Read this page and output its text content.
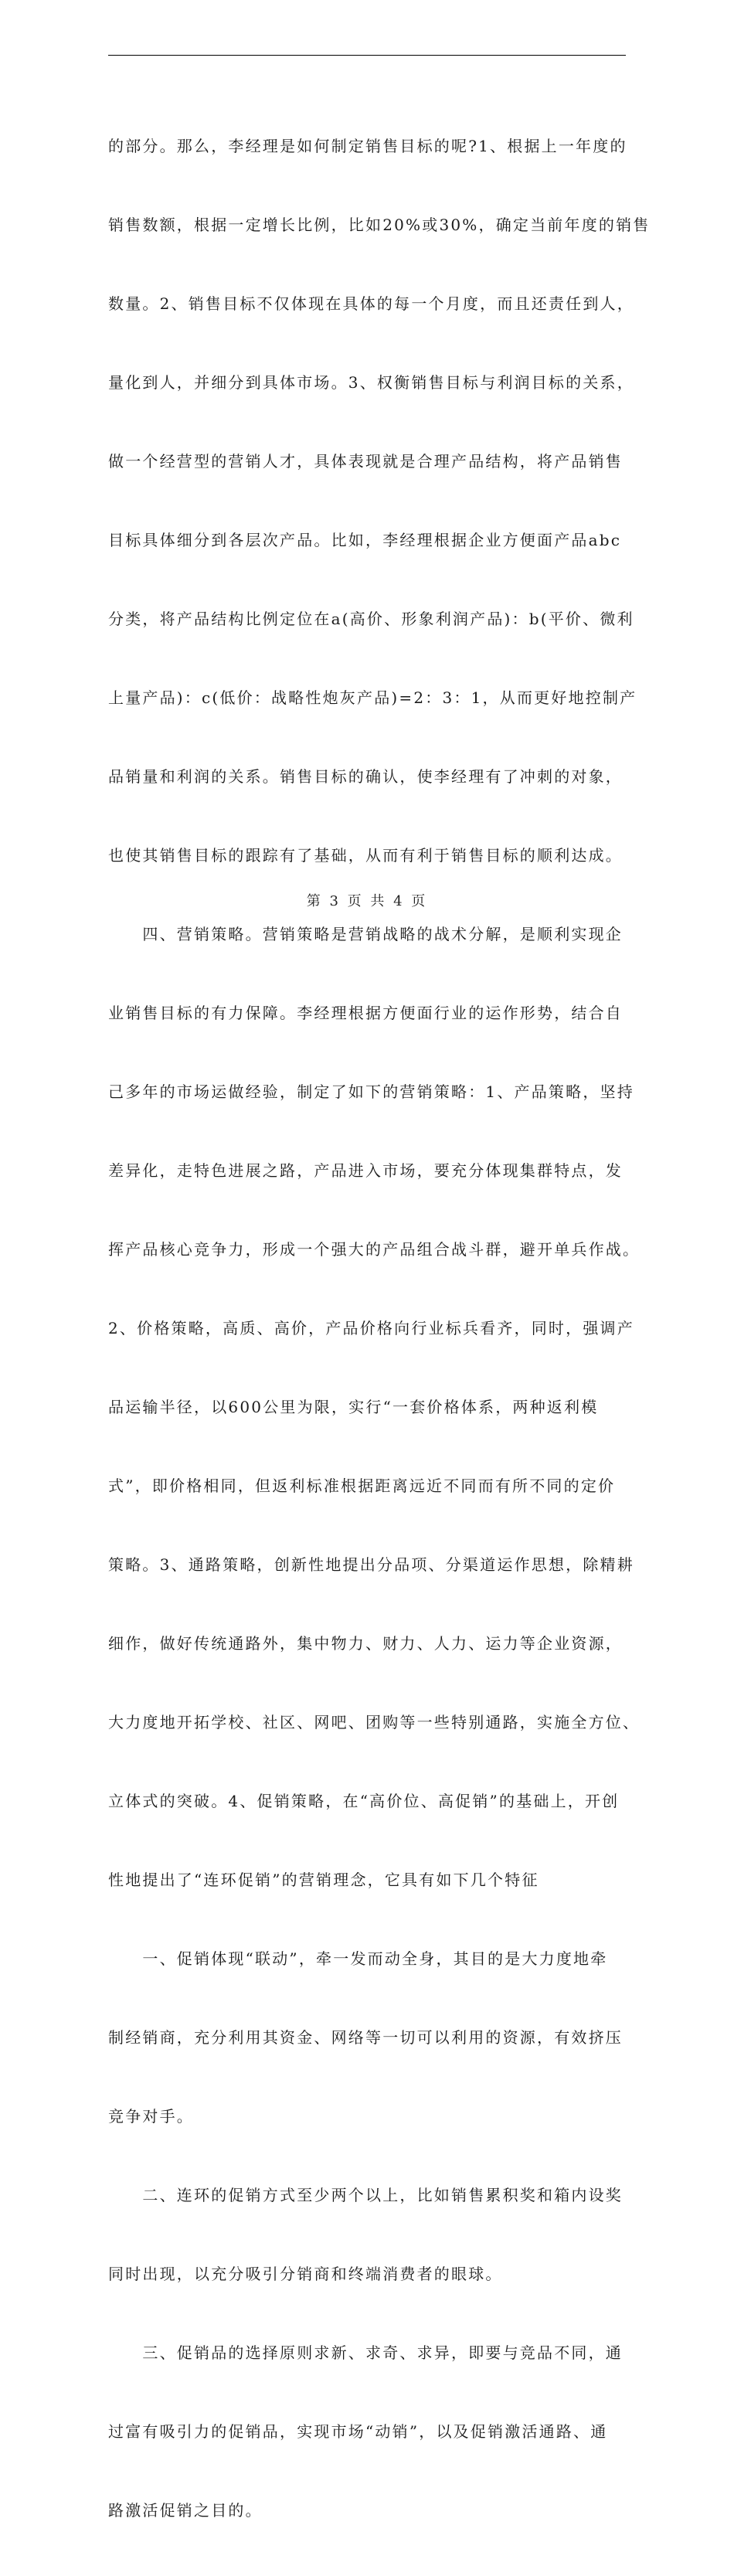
的部分。那么，李经理是如何制定销售目标的呢?1、根据上一年度的

销售数额，根据一定增长比例，比如20%或30%，确定当前年度的销售

数量。2、销售目标不仅体现在具体的每一个月度，而且还责任到人，

量化到人，并细分到具体市场。3、权衡销售目标与利润目标的关系，

做一个经营型的营销人才，具体表现就是合理产品结构，将产品销售

目标具体细分到各层次产品。比如，李经理根据企业方便面产品abc

分类，将产品结构比例定位在a(高价、形象利润产品)：b(平价、微利

上量产品)：c(低价：战略性炮灰产品)=2：3：1，从而更好地控制产

品销量和利润的关系。销售目标的确认，使李经理有了冲刺的对象，

也使其销售目标的跟踪有了基础，从而有利于销售目标的顺利达成。

　　四、营销策略。营销策略是营销战略的战术分解，是顺利实现企

业销售目标的有力保障。李经理根据方便面行业的运作形势，结合自

己多年的市场运做经验，制定了如下的营销策略：1、产品策略，坚持

差异化，走特色进展之路，产品进入市场，要充分体现集群特点，发

挥产品核心竞争力，形成一个强大的产品组合战斗群，避开单兵作战。

2、价格策略，高质、高价，产品价格向行业标兵看齐，同时，强调产

品运输半径，以600公里为限，实行“一套价格体系，两种返利模

式”，即价格相同，但返利标准根据距离远近不同而有所不同的定价

策略。3、通路策略，创新性地提出分品项、分渠道运作思想，除精耕

细作，做好传统通路外，集中物力、财力、人力、运力等企业资源，

大力度地开拓学校、社区、网吧、团购等一些特别通路，实施全方位、

立体式的突破。4、促销策略，在“高价位、高促销”的基础上，开创

性地提出了“连环促销”的营销理念，它具有如下几个特征

　　一、促销体现“联动”，牵一发而动全身，其目的是大力度地牵

制经销商，充分利用其资金、网络等一切可以利用的资源，有效挤压

竞争对手。

　　二、连环的促销方式至少两个以上，比如销售累积奖和箱内设奖

同时出现，以充分吸引分销商和终端消费者的眼球。

　　三、促销品的选择原则求新、求奇、求异，即要与竞品不同，通

过富有吸引力的促销品，实现市场“动销”，以及促销激活通路、通

路激活促销之目的。

第 3 页 共 4 页
